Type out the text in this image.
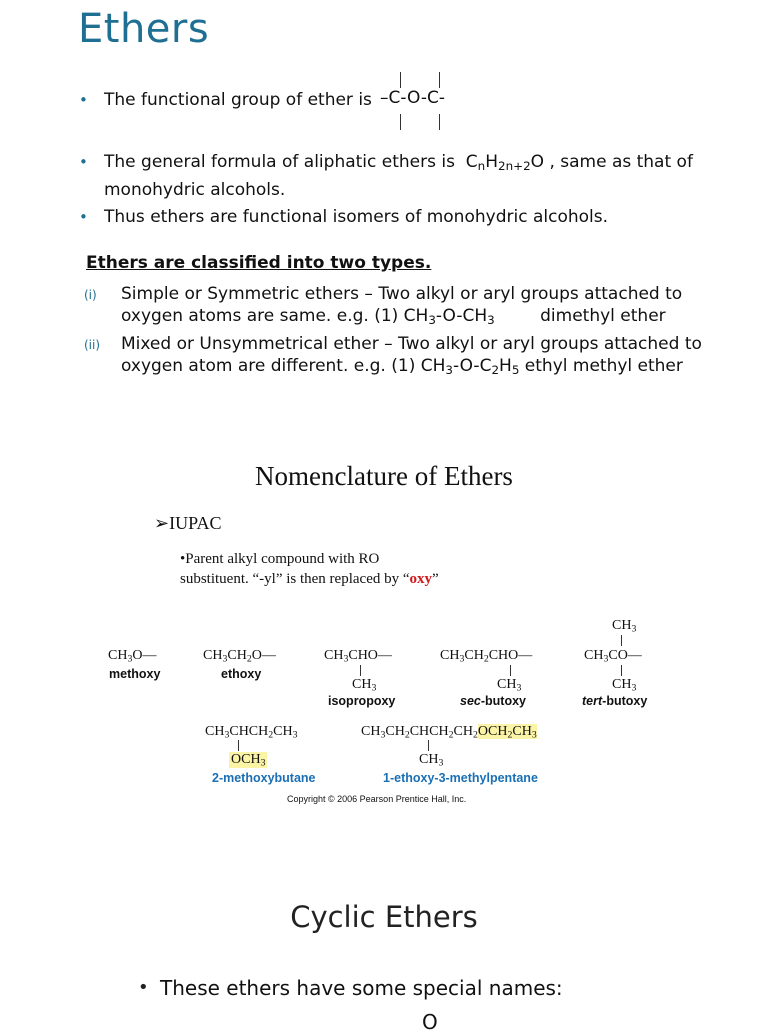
Ethers
• The functional group of ether is –C-O-C-
• The general formula of aliphatic ethers is  $C_nH_{2n+2}O$ , same as that of
monohydric alcohols.
• Thus ethers are functional isomers of monohydric alcohols.
Ethers are classified into two types.
(i) Simple or Symmetric ethers – Two alkyl or aryl groups attached to
oxygen atoms are same. e.g. (1) $CH_3-O-CH_3$	dimethyl ether
(ii) Mixed or Unsymmetrical ether – Two alkyl or aryl groups attached to
oxygen atom are different. e.g. (1) $CH_3-O-C_2H_5$ ethyl methyl ether
Nomenclature of Ethers
➢IUPAC
•Parent alkyl compound with RO
substituent. “-yl” is then replaced by “oxy”
$CH_3O—$
methoxy
$CH_3CH_2O—$
ethoxy
$CH_3CHO—$
$CH_3$
isopropoxy
$CH_3CH_2CHO—$
$CH_3$
sec-butoxy
$CH_3$
$CH_3CO—$
$CH_3$
tert-butoxy
$CH_3CHCH_2CH_3$
$OCH_3$
2-methoxybutane
$CH_3CH_2CHCH_2CH_2OCH_2CH_3$
$CH_3$
1-ethoxy-3-methylpentane
Copyright © 2006 Pearson Prentice Hall, Inc.
Cyclic Ethers
• These ethers have some special names:
O
